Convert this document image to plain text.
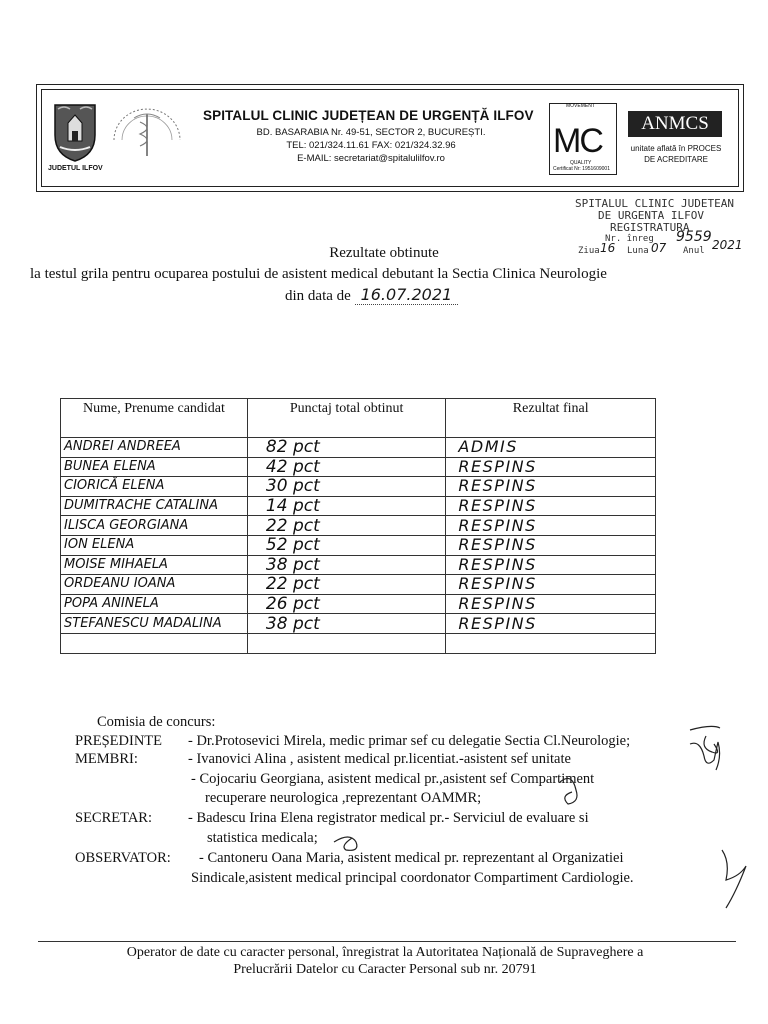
JUDETUL ILFOV
SPITALUL CLINIC JUDEȚEAN DE URGENȚĂ ILFOV
BD. BASARABIA Nr. 49-51, SECTOR 2, BUCUREȘTI.
TEL: 021/324.11.61 FAX: 021/324.32.96
E-MAIL: secretariat@spitalulilfov.ro
MOVEMENT
MC
QUALITY
Certificat Nr: 1951609001
ANMCS
unitate aflată în PROCES DE ACREDITARE
SPITALUL CLINIC JUDETEAN
DE URGENTA ILFOV
REGISTRATURA
Nr. înreg 9559
Ziua 16 Luna 07 Anul 2021
Rezultate obtinute
la testul grila pentru ocuparea postului de asistent medical debutant la Sectia Clinica Neurologie
din data de 16.07.2021
Nume, Prenume candidat	Punctaj total obtinut	Rezultat final
ANDREI ANDREEA	82 pct	ADMIS
BUNEA ELENA	42 pct	RESPINS
CIORICĂ ELENA	30 pct	RESPINS
DUMITRACHE CATALINA	14 pct	RESPINS
ILISCA GEORGIANA	22 pct	RESPINS
ION ELENA	52 pct	RESPINS
MOISE MIHAELA	38 pct	RESPINS
ORDEANU IOANA	22 pct	RESPINS
POPA ANINELA	26 pct	RESPINS
STEFANESCU MADALINA	38 pct	RESPINS

Comisia de concurs:
PREȘEDINTE - Dr.Protosevici Mirela, medic primar sef cu delegatie Sectia Cl.Neurologie;
MEMBRI:	- Ivanovici Alina , asistent medical pr.licentiat.-asistent sef unitate
- Cojocariu Georgiana, asistent medical pr.,asistent sef Compartiment
recuperare neurologica ,reprezentant OAMMR;
SECRETAR: - Badescu Irina Elena registrator medical pr.- Serviciul de evaluare si
statistica medicala;
OBSERVATOR: - Cantoneru Oana Maria, asistent medical pr. reprezentant al Organizatiei
Sindicale,asistent medical principal coordonator Compartiment Cardiologie.
Operator de date cu caracter personal, înregistrat la Autoritatea Națională de Supraveghere a
Prelucrării Datelor cu Caracter Personal sub nr. 20791
